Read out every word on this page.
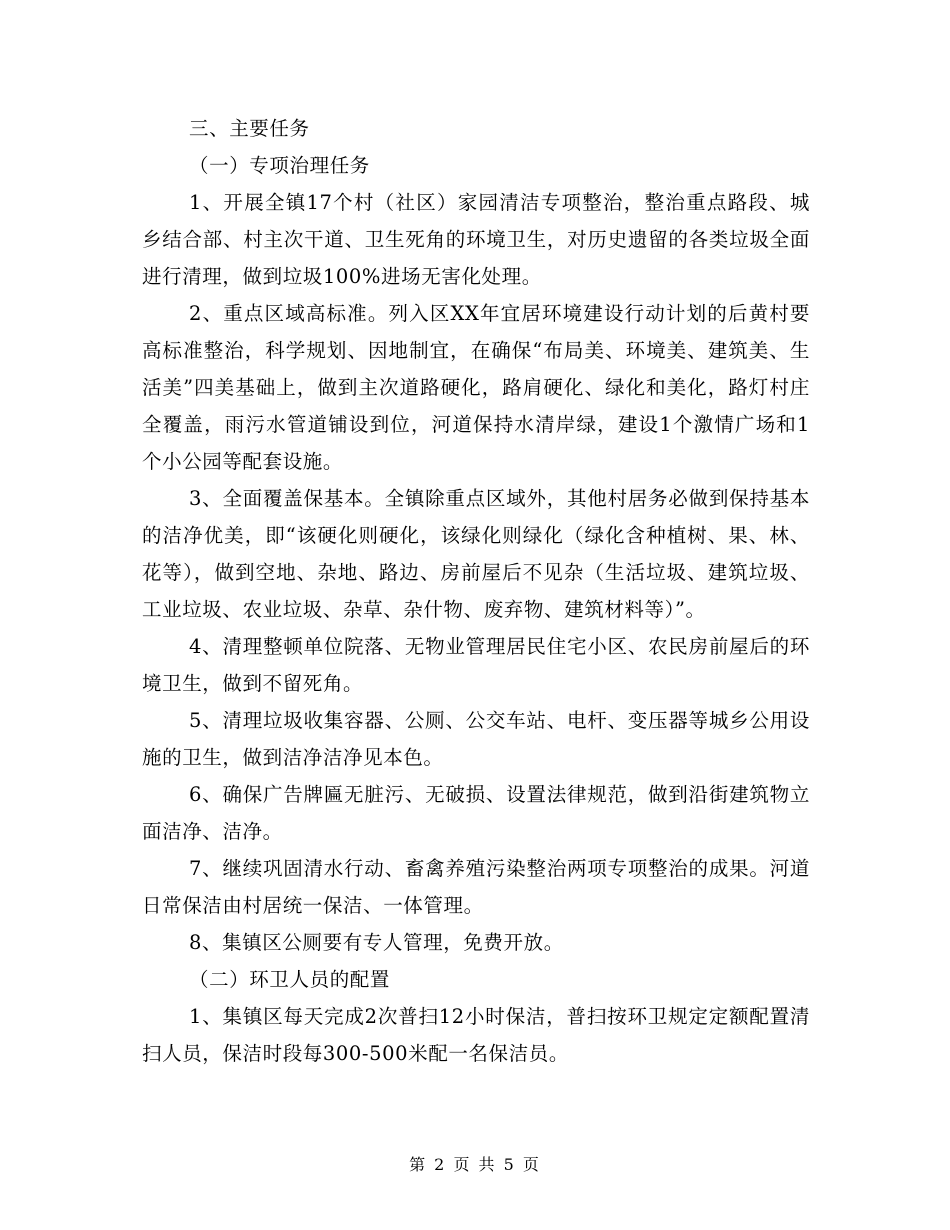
三、主要任务

（一）专项治理任务

1、开展全镇17个村（社区）家园清洁专项整治，整治重点路段、城乡结合部、村主次干道、卫生死角的环境卫生，对历史遗留的各类垃圾全面进行清理，做到垃圾100%进场无害化处理。

2、重点区域高标准。列入区XX年宜居环境建设行动计划的后黄村要高标准整治，科学规划、因地制宜，在确保“布局美、环境美、建筑美、生活美”四美基础上，做到主次道路硬化，路肩硬化、绿化和美化，路灯村庄全覆盖，雨污水管道铺设到位，河道保持水清岸绿，建设1个激情广场和1个小公园等配套设施。

3、全面覆盖保基本。全镇除重点区域外，其他村居务必做到保持基本的洁净优美，即“该硬化则硬化，该绿化则绿化（绿化含种植树、果、林、花等），做到空地、杂地、路边、房前屋后不见杂（生活垃圾、建筑垃圾、工业垃圾、农业垃圾、杂草、杂什物、废弃物、建筑材料等）”。

4、清理整顿单位院落、无物业管理居民住宅小区、农民房前屋后的环境卫生，做到不留死角。

5、清理垃圾收集容器、公厕、公交车站、电杆、变压器等城乡公用设施的卫生，做到洁净洁净见本色。

6、确保广告牌匾无脏污、无破损、设置法律规范，做到沿街建筑物立面洁净、洁净。

7、继续巩固清水行动、畜禽养殖污染整治两项专项整治的成果。河道日常保洁由村居统一保洁、一体管理。

8、集镇区公厕要有专人管理，免费开放。

（二）环卫人员的配置

1、集镇区每天完成2次普扫12小时保洁，普扫按环卫规定定额配置清扫人员，保洁时段每300-500米配一名保洁员。

第 2 页 共 5 页
